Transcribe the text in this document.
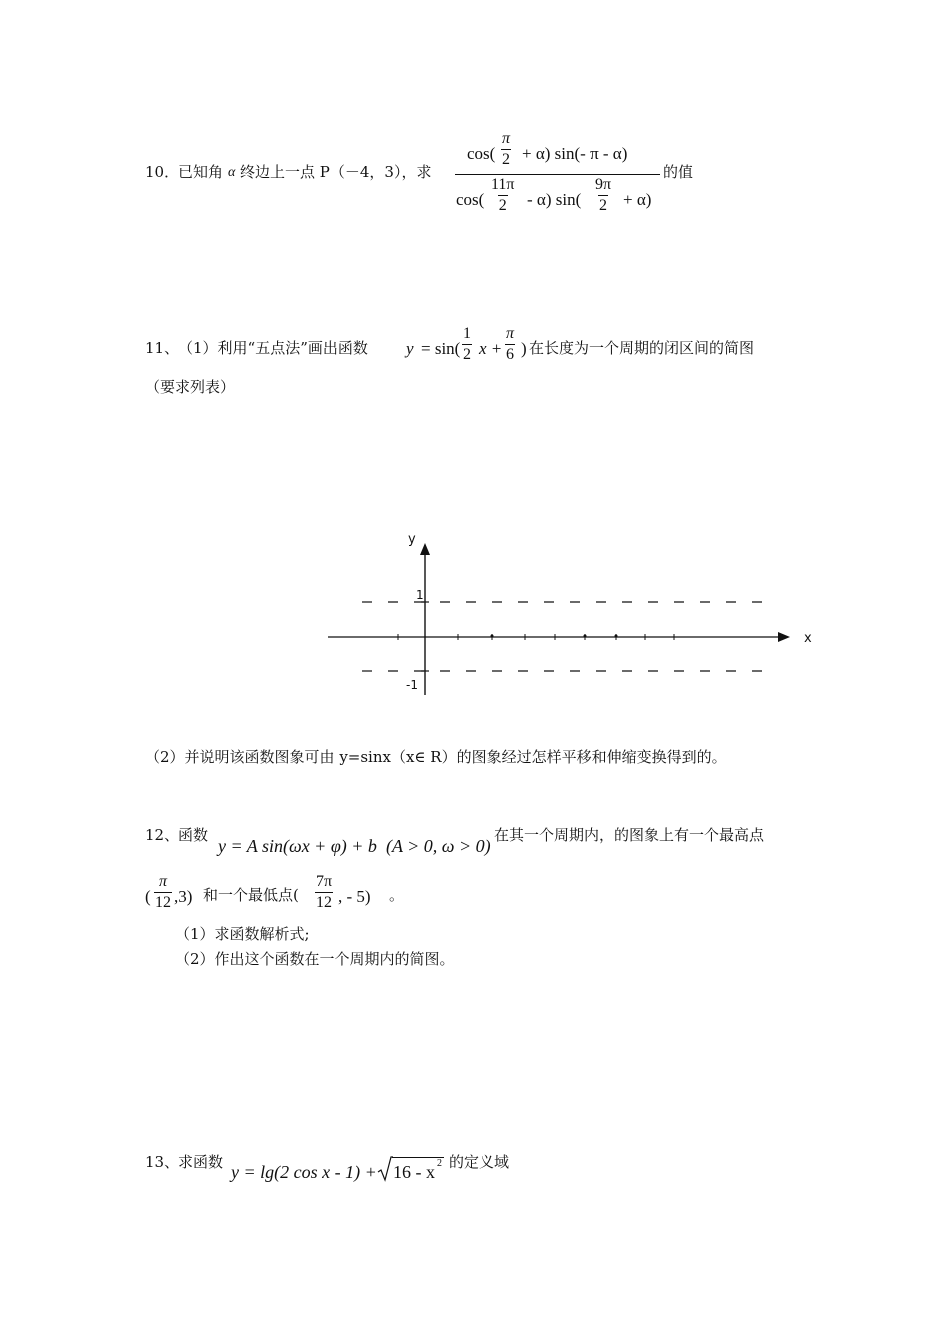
10．
已知角 α 终边上一点 P（－4，3），求
$\cos( \frac{\pi}{2} + \alpha)$ sin(- π - α)
$\cos( \frac{11\pi}{2} - \alpha)$ $\sin( \frac{9\pi}{2} + \alpha)$
的值
11、
（1）利用“五点法”画出函数 $y = \sin( \frac{1}{2}$ $x + \frac{\pi}{6}$ ) 在长度为一个周期的闭区间的简图
（要求列表）
y
x
1
-1
（2）并说明该函数图象可由 y=sinx（x∈ R）的图象经过怎样平移和伸缩变换得到的。
12、
函数
y = A sin(ωx + φ) + b (A > 0, ω > 0)
在其一个周期内，的图象上有一个最高点
( $\frac{\pi}{12} ,3$) 和一个最低点( $\frac{7\pi}{12}$ , - 5) 。
（1）求函数解析式;
（2）作出这个函数在一个周期内的简图。
13、
求函数 y = lg(2 cos x - 1) + 16 - x 2 的定义域
